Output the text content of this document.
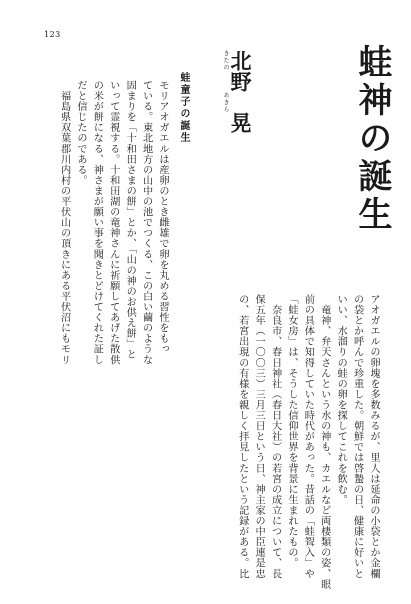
123
蛙神の誕生
きたの　　　あきら
北野晃
蛙童子の誕生
モリアオガエルは産卵のとき雌雄で卵を丸める習性をもっ
ている。東北地方の山中の池でつくる、この白い繭のような
固まりを「十和田さまの餅」とか、「山の神のお供え餅」と
いって霊視する。十和田湖の竜神さんに祈願してあげた散供
の米が餅になる、神さまが願い事を聞きとどけてくれた証し
だと信じたのである。
　福島県双葉郡川内村の平伏山の頂きにある平伏沼にもモリ
アオガエルの卵塊を多数みるが、里人は延命の小袋とか金欄
の袋とか呼んで珍重した。朝鮮では啓蟄の日、健康に好いと
いい、水溜りの蛙の卵を探してこれを飲む。
　竜神、弁天さんという水の神も、カエルなど両棲類の姿、眼
前の具体で知得していた時代があった。昔話の「蛙聟入」や
「蛙女房」は、そうした信仰世界を背景に生まれたもの。
　奈良市、春日神社（春日大社）の若宮の成立について、長
保五年（一〇〇三）三月三日という日、神主家の中臣連是忠
の、若宮出現の有様を親しく拝見したという記録がある。比
